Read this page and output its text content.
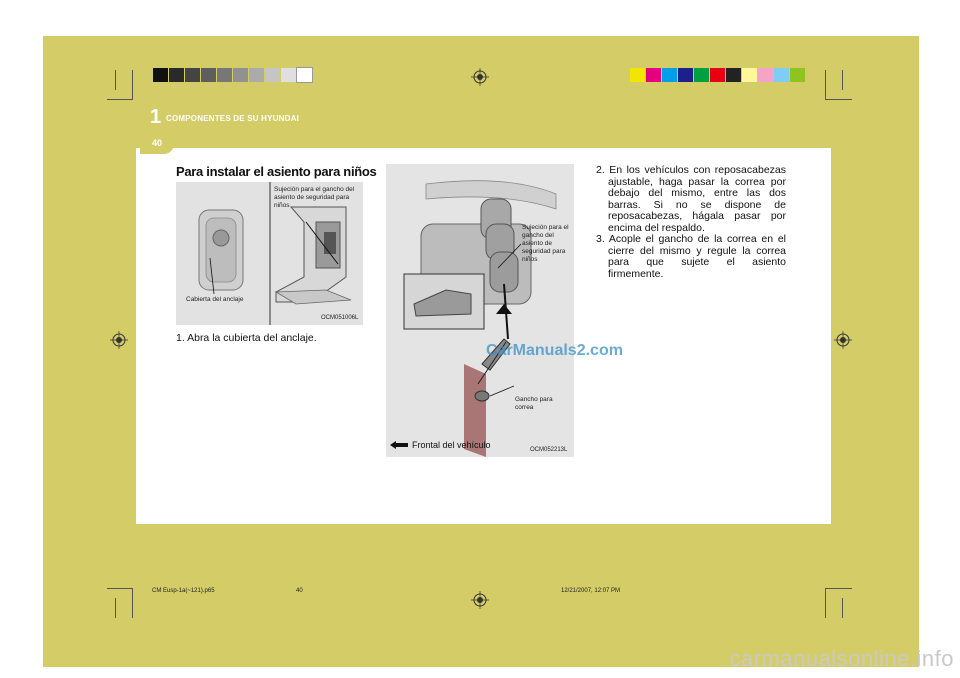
1 COMPONENTES DE SU HYUNDAI
40
Para instalar el asiento para niños
Sujeción para el gancho del asiento de seguridad para niños
Cabierta del anclaje
OCM051006L
1. Abra la cubierta del anclaje.
Sujeción para el gancho del asiento de seguridad para niños
Gancho para correa
Frontal del vehículo	OCM052213L
CarManuals2.com

2. En los vehículos con reposacabezas ajustable, haga pasar la correa por debajo del mismo, entre las dos barras. Si no se dispone de reposacabezas, hágala pasar por encima del respaldo.

3. Acople el gancho de la correa en el cierre del mismo y regule la correa para que sujete el asiento firmemente.

CM Eusp-1a(~121).p65	40	12/21/2007, 12:07 PM
carmanualsonline.info
